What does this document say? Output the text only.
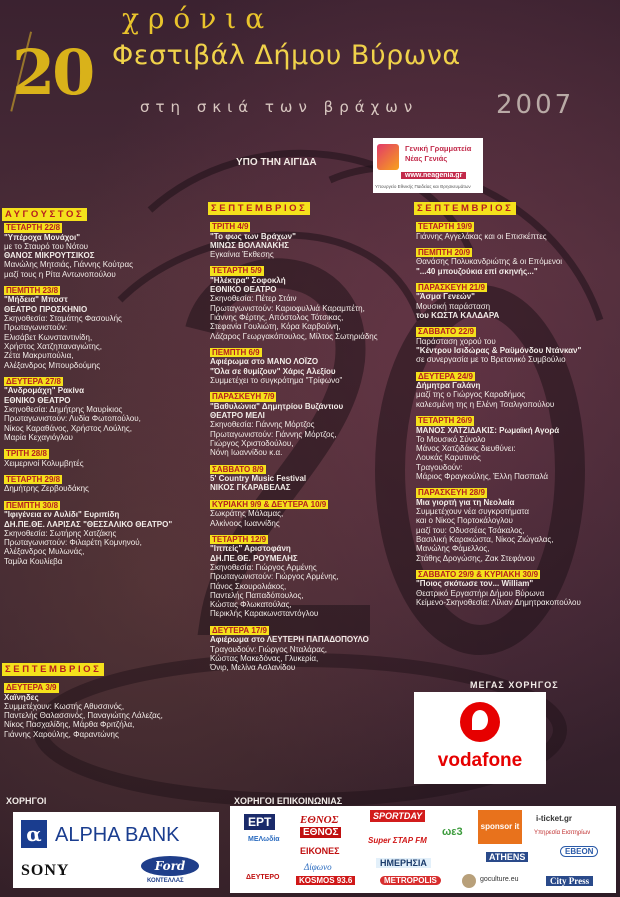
20
χρόνια
Φεστιβάλ Δήμου Βύρωνα
στη σκιά των βράχων	2007
ΥΠΟ ΤΗΝ ΑΙΓΙΔΑ
Γενική Γραμματεία
Νέας Γενιάς
www.neagenia.gr
Υπουργείο Εθνικής Παιδείας και Θρησκευμάτων
ΑΥΓΟΥΣΤΟΣ
ΤΕΤΑΡΤΗ 22/8
"Υπέροχα Μονάχοι"
με το Σταυρό του Νότου
ΘΑΝΟΣ ΜΙΚΡΟΥΤΣΙΚΟΣ
Μανώλης Μητσιάς, Γιάννης Κούτρας
μαζί τους η Ρίτα Αντωνοπούλου
ΠΕΜΠΤΗ 23/8
"Μήδεια" Μποστ
ΘΕΑΤΡΟ ΠΡΟΣΚΗΝΙΟ
Σκηνοθεσία: Σταμάτης Φασουλής
Πρωταγωνιστούν:
Ελισάβετ Κωνσταντινίδη,
Χρήστος Χατζηπαναγιώτης,
Ζέτα Μακρυπούλια,
Αλέξανδρος Μπουρδούμης
ΔΕΥΤΕΡΑ 27/8
"Ανδρομάχη" Ρακίνα
ΕΘΝΙΚΟ ΘΕΑΤΡΟ
Σκηνοθεσία: Δημήτρης Μαυρίκιος
Πρωταγωνιστούν: Λυδία Φωτοπούλου,
Νίκος Καραθάνος, Χρήστος Λούλης,
Μαρία Κεχαγιόγλου
ΤΡΙΤΗ 28/8
Χειμερινοί Κολυμβητές
ΤΕΤΑΡΤΗ 29/8
Δημήτρης Ζερβουδάκης
ΠΕΜΠΤΗ 30/8
"Ιφιγένεια εν Αυλίδι" Ευριπίδη
ΔΗ.ΠΕ.ΘΕ. ΛΑΡΙΣΑΣ "ΘΕΣΣΑΛΙΚΟ ΘΕΑΤΡΟ"
Σκηνοθεσία: Σωτήρης Χατζάκης
Πρωταγωνιστούν: Φιλαρέτη Κομνηνού,
Αλέξανδρος Μυλωνάς,
Ταμίλα Κουλίεβα
ΣΕΠΤΕΜΒΡΙΟΣ
ΔΕΥΤΕΡΑ 3/9
Χαϊνηδες
Συμμετέχουν: Κωστής Αθυσσινός,
Παντελής Θαλασσινός, Παναγιώτης Λάλεζας,
Νίκος Πασχαλίδης, Μάρθα Φριτζήλα,
Γιάννης Χαρούλης, Φαραντώνης
ΣΕΠΤΕΜΒΡΙΟΣ
ΤΡΙΤΗ 4/9
"Το φως των Βράχων"
ΜΙΝΩΣ ΒΟΛΑΝΑΚΗΣ
Εγκαίνια Έκθεσης
ΤΕΤΑΡΤΗ 5/9
"Ηλέκτρα" Σοφοκλή
ΕΘΝΙΚΟ ΘΕΑΤΡΟ
Σκηνοθεσία: Πέτερ Στάιν
Πρωταγωνιστούν: Καριοφυλλιά Καραμπέτη,
Γιάννης Φέρτης, Απόστολος Τότσικας,
Στεφανία Γουλιώτη, Κόρα Καρβούνη,
Λάζαρος Γεωργακόπουλος, Μίλτος Σωτηριάδης
ΠΕΜΠΤΗ 6/9
Αφιέρωμα στο ΜΑΝΟ ΛΟΪΖΟ
"Όλα σε θυμίζουν" Χάρις Αλεξίου
Συμμετέχει το συγκρότημα "Τρίφωνο"
ΠΑΡΑΣΚΕΥΗ 7/9
"Βαθυλώνια" Δημητρίου Βυζάντιου
ΘΕΑΤΡΟ ΜΕΛΙ
Σκηνοθεσία: Γιάννης Μόρτζος
Πρωταγωνιστούν: Γιάννης Μόρτζος,
Γιώργος Χριστοδούλου,
Νόνη Ιωαννίδου κ.α.
ΣΑΒΒΑΤΟ 8/9
5' Country Music Festival
ΝΙΚΟΣ ΓΚΑΡΑΒΕΛΑΣ
ΚΥΡΙΑΚΗ 9/9 & ΔΕΥΤΕΡΑ 10/9
Σωκράτης Μάλαμας,
Αλκίνοος Ιωαννίδης
ΤΕΤΑΡΤΗ 12/9
"Ιππείς" Αριστοφάνη
ΔΗ.ΠΕ.ΘΕ. ΡΟΥΜΕΛΗΣ
Σκηνοθεσία: Γιώργος Αρμένης
Πρωταγωνιστούν: Γιώργος Αρμένης,
Πάνος Σκουρολιάκος,
Παντελής Παπαδόπουλος,
Κώστας Φλωκατούλας,
Περικλής Καρακωνσταντόγλου
ΔΕΥΤΕΡΑ 17/9
Αφιέρωμα στο ΛΕΥΤΕΡΗ ΠΑΠΑΔΟΠΟΥΛΟ
Τραγουδούν: Γιώργος Νταλάρας,
Κώστας Μακεδόνας, Γλυκερία,
Όνιρ, Μελίνα Ασλανίδου
ΣΕΠΤΕΜΒΡΙΟΣ
ΤΕΤΑΡΤΗ 19/9
Γιάννης Αγγελάκας και οι Επισκέπτες
ΠΕΜΠΤΗ 20/9
Θανάσης Πολυκανδριώτης & οι Επόμενοι
"...40 μπουζούκια επί σκηνής..."
ΠΑΡΑΣΚΕΥΗ 21/9
"Άσμα Γενεών"
Μουσική παράσταση
του ΚΩΣΤΑ ΚΑΛΔΑΡΑ
ΣΑΒΒΑΤΟ 22/9
Παράσταση χορού του
"Κέντρου Ισιδώρας & Ραϋμόνδου Ντάνκαν"
σε συνεργασία με το Βρετανικό Συμβούλιο
ΔΕΥΤΕΡΑ 24/9
Δήμητρα Γαλάνη
μαζί της ο Γιώργος Καραδήμος
καλεσμένη της η Ελένη Τσαλιγοπούλου
ΤΕΤΑΡΤΗ 26/9
ΜΑΝΟΣ ΧΑΤΖΙΔΑΚΙΣ: Ρωμαϊκή Αγορά
Το Μουσικό Σύνολο
Μάνος Χατζιδάκις διευθύνει:
Λουκάς Καρυτινός
Τραγουδούν:
Μάριος Φραγκούλης, Έλλη Πασπαλά
ΠΑΡΑΣΚΕΥΗ 28/9
Μια γιορτή για τη Νεολαία
Συμμετέχουν νέα συγκροτήματα
και ο Νίκος Πορτοκάλογλου
μαζί του: Οδυσσέας Τσάκαλος,
Βασιλική Καρακώστα, Νίκος Ζιώγαλας,
Μανώλης Φάμελλος,
Στάθης Δρογώσης, Ζακ Στεφάνου
ΣΑΒΒΑΤΟ 29/9 & ΚΥΡΙΑΚΗ 30/9
"Ποιος σκότωσε τον... William"
Θεατρικό Εργαστήρι Δήμου Βύρωνα
Κείμενο-Σκηνοθεσία: Λίλιαν Δημητρακοπούλου
ΜΕΓΑΣ ΧΟΡΗΓΟΣ
vodafone
ΧΟΡΗΓΟΙ
α ALPHA BANK
SONY	Ford
ΚΟΝΤΕΛΛΑΣ
ΧΟΡΗΓΟΙ ΕΠΙΚΟΙΝΩΝΙΑΣ
ΕΡΤ	ΕΘΝΟΣ
ΕΘΝΟΣ
SPORTDAY
ωε3	sponsor it
i-ticket.gr
Υπηρεσία Εισιτηρίων
ΜΕΛωδία
ΕΙΚΟΝΕΣ
Super ΣΤΑΡ FM
ATHENS
ΕΒΕΟΝ
Δίφωνο	ΗΜΕΡΗΣΙΑ
ΔΕΥΤΕΡΟ	KOSMOS 93.6	METROPOLIS	goculture.eu	City Press
